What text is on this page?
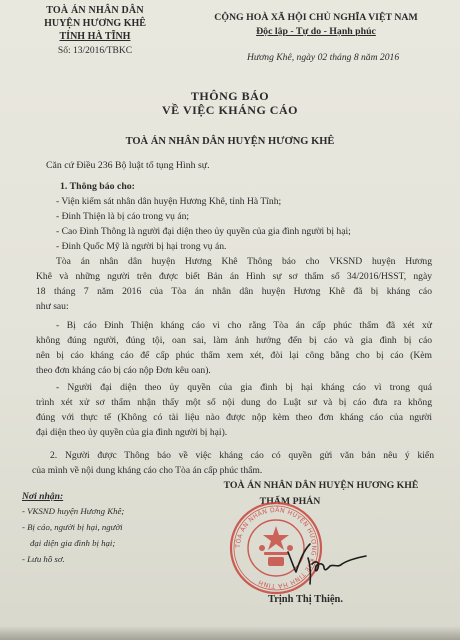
TOÀ ÁN NHÂN DÂN
HUYỆN HƯƠNG KHÊ
TỈNH HÀ TĨNH
Số: 13/2016/TBKC
CỘNG HOÀ XÃ HỘI CHỦ NGHĨA VIỆT NAM
Độc lập - Tự do - Hạnh phúc
Hương Khê, ngày 02 tháng 8 năm 2016
THÔNG BÁO
VỀ VIỆC KHÁNG CÁO
TOÀ ÁN NHÂN DÂN HUYỆN HƯƠNG KHÊ
Căn cứ Điều 236 Bộ luật tố tụng Hình sự.
1. Thông báo cho:
- Viện kiểm sát nhân dân huyện Hương Khê, tỉnh Hà Tĩnh;
- Đinh Thiện là bị cáo trong vụ án;
- Cao Đình Thông là người đại diện theo ủy quyền của gia đình người bị hại;
- Đinh Quốc Mỹ là người bị hại trong vụ án.
Tòa án nhân dân huyện Hương Khê Thông báo cho VKSND huyện Hương
Khê và những người trên được biết Bản án Hình sự sơ thẩm số 34/2016/HSST, ngày
18 tháng 7 năm 2016 của Tòa án nhân dân huyện Hương Khê đã bị kháng cáo
như sau:
- Bị cáo Đinh Thiện kháng cáo vì cho rằng Tòa án cấp phúc thẩm đã xét xử
không đúng người, đúng tội, oan sai, làm ảnh hưởng đến bị cáo và gia đình bị cáo
nên bị cáo kháng cáo để cấp phúc thẩm xem xét, đòi lại công bằng cho bị cáo (Kèm
theo đơn kháng cáo bị cáo nộp Đơn kêu oan).
- Người đại diện theo ủy quyền của gia đình bị hại kháng cáo vì trong quá
trình xét xử sơ thẩm nhận thấy một số nội dung do Luật sư và bị cáo đưa ra không
đúng với thực tế (Không có tài liệu nào được nộp kèm theo đơn kháng cáo của người
đại diện theo ủy quyền của gia đình người bị hại).
2. Người được Thông báo về việc kháng cáo có quyền gửi văn bản nêu ý kiến
của mình về nội dung kháng cáo cho Tòa án cấp phúc thẩm.
Nơi nhận:
- VKSND huyện Hương Khê;
- Bị cáo, người bị hại, người
đại diện gia đình bị hại;
- Lưu hồ sơ.
TOÀ ÁN NHÂN DÂN HUYỆN HƯƠNG KHÊ
THẨM PHÁN
TÒA ÁN NHÂN DÂN HUYỆN HƯƠNG KHÊ TỈNH HÀ TĨNH
Trịnh Thị Thiện.
